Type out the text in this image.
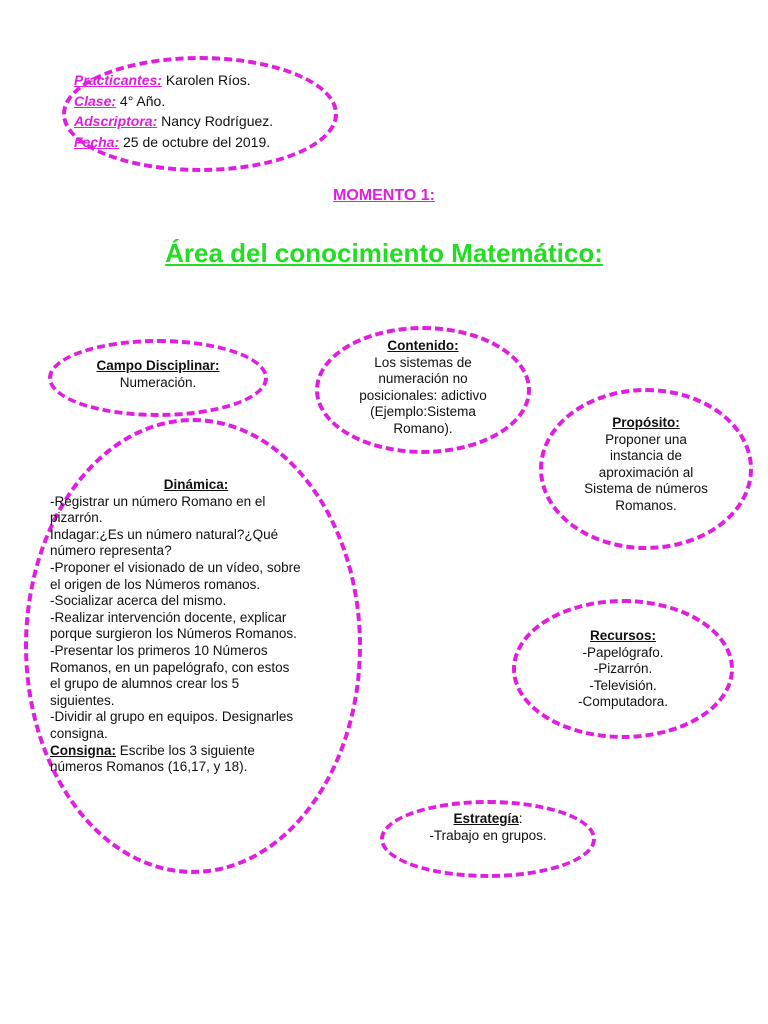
Practicantes: Karolen Ríos.
Clase: 4° Año.
Adscriptora: Nancy Rodríguez.
Fecha: 25 de octubre del 2019.
MOMENTO 1:
Área del conocimiento Matemático:
Campo Disciplinar:
Numeración.
Contenido:
Los sistemas de
numeración no
posicionales: adictivo
(Ejemplo:Sistema
Romano).	Propósito:
Proponer una
instancia de
aproximación al
Sistema de números
Romanos.
Dinámica:
-Registrar un número Romano en el
pizarrón.
Indagar:¿Es un número natural?¿Qué
número representa?
-Proponer el visionado de un vídeo, sobre
el origen de los Números romanos.
-Socializar acerca del mismo.
-Realizar intervención docente, explicar
porque surgieron los Números Romanos.
-Presentar los primeros 10 Números
Romanos, en un papelógrafo, con estos
el grupo de alumnos crear los 5
siguientes.
-Dividir al grupo en equipos. Designarles
consigna.
Consigna: Escribe los 3 siguiente
números Romanos (16,17, y 18).
Recursos:
-Papelógrafo.
-Pizarrón.
-Televisión.
-Computadora.
Estrategía:
-Trabajo en grupos.
